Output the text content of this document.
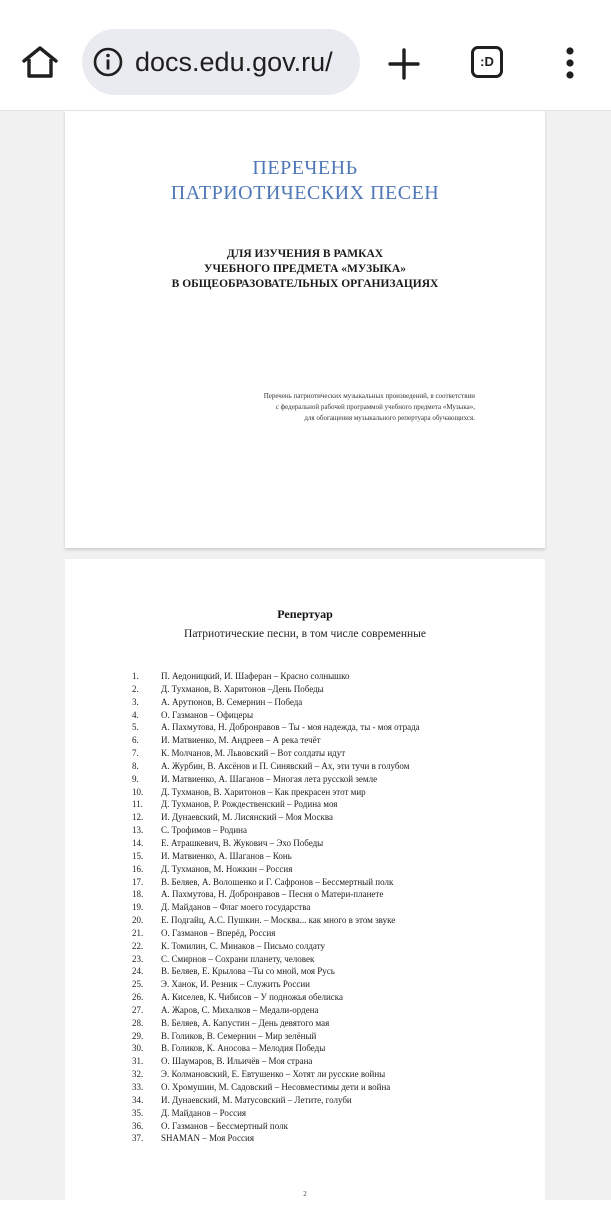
docs.edu.gov.ru/	:D
ПЕРЕЧЕНЬ
ПАТРИОТИЧЕСКИХ ПЕСЕН
ДЛЯ ИЗУЧЕНИЯ В РАМКАХ
УЧЕБНОГО ПРЕДМЕТА «МУЗЫКА»
В ОБЩЕОБРАЗОВАТЕЛЬНЫХ ОРГАНИЗАЦИЯХ
Перечень патриотических музыкальных произведений, в соответствии
с федеральной рабочей программой учебного предмета «Музыка»,
для обогащения музыкального репертуара обучающихся.
Репертуар
Патриотические песни, в том числе современные
1. П. Аедоницкий, И. Шаферан – Красно солнышко
2. Д. Тухманов, В. Харитонов –День Победы
3. А. Арутюнов, В. Семернин – Победа
4. О. Газманов – Офицеры
5. А. Пахмутова, Н. Добронравов – Ты - моя надежда, ты - моя отрада
6. И. Матвиенко, М. Андреев – А река течёт
7. К. Молчанов, М. Львовский – Вот солдаты идут
8. А. Журбин, В. Аксёнов и П. Синявский – Ах, эти тучи в голубом
9. И. Матвиенко, А. Шаганов – Многая лета русской земле
10. Д. Тухманов, В. Харитонов – Как прекрасен этот мир
11. Д. Тухманов, Р. Рождественский – Родина моя
12. И. Дунаевский, М. Лисянский – Моя Москва
13. С. Трофимов – Родина
14. Е. Атрашкевич, В. Жукович – Эхо Победы
15. И. Матвиенко, А. Шаганов – Конь
16. Д. Тухманов, М. Ножкин – Россия
17. В. Беляев, А. Волошенко и Г. Сафронов – Бессмертный полк
18. А. Пахмутова, Н. Добронравов – Песня о Матери-планете
19. Д. Майданов – Флаг моего государства
20. Е. Подгайц, А.С. Пушкин. – Москва... как много в этом звуке
21. О. Газманов – Вперёд, Россия
22. К. Томилин, С. Минаков – Письмо солдату
23. С. Смирнов – Сохрани планету, человек
24. В. Беляев, Е. Крылова –Ты со мной, моя Русь
25. Э. Ханок, И. Резник – Служить России
26. А. Киселев, К. Чибисов – У подножья обелиска
27. А. Жаров, С. Михалков – Медали-ордена
28. В. Беляев, А. Капустин – День девятого мая
29. В. Голиков, В. Семернин – Мир зелёный
30. В. Голиков, К. Аносова – Мелодия Победы
31. О. Шаумаров, В. Ильичёв – Моя страна
32. Э. Колмановский, Е. Евтушенко – Хотят ли русские войны
33. О. Хромушин, М. Садовский – Несовместимы дети и война
34. И. Дунаевский, М. Матусовский – Летите, голуби
35. Д. Майданов – Россия
36. О. Газманов – Бессмертный полк
37. SHAMAN – Моя Россия
2
